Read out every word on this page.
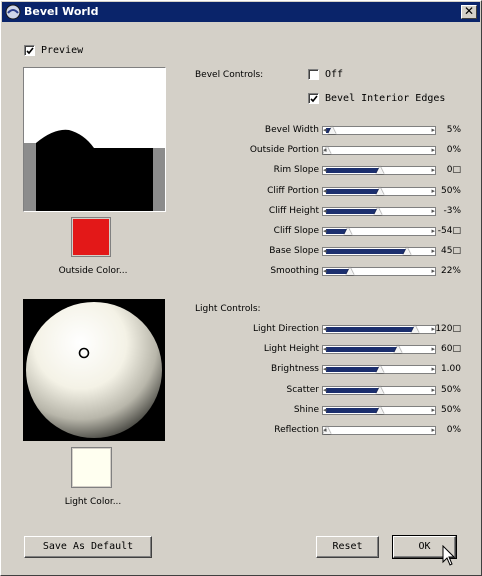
Bevel World	✕
Preview
Outside Color...
Light Color...
Bevel Controls:	Off
Bevel Interior Edges
Bevel Width ◂	▸	5%
Outside Portion ◂	▸	0%
Rim Slope ◂	▸	0□
Cliff Portion ◂	▸ 50%
Cliff Height ◂	▸ -3%
Cliff Slope ◂	▸ -54□
Base Slope ◂	▸ 45□
Smoothing ◂	▸ 22%
Light Controls:
Light Direction ◂	▸ 120□
Light Height ◂	▸ 60□
Brightness ◂	▸ 1.00
Scatter ◂	▸ 50%
Shine ◂	▸ 50%
Reflection ◂	▸	0%
Save As Default	Reset	OK
